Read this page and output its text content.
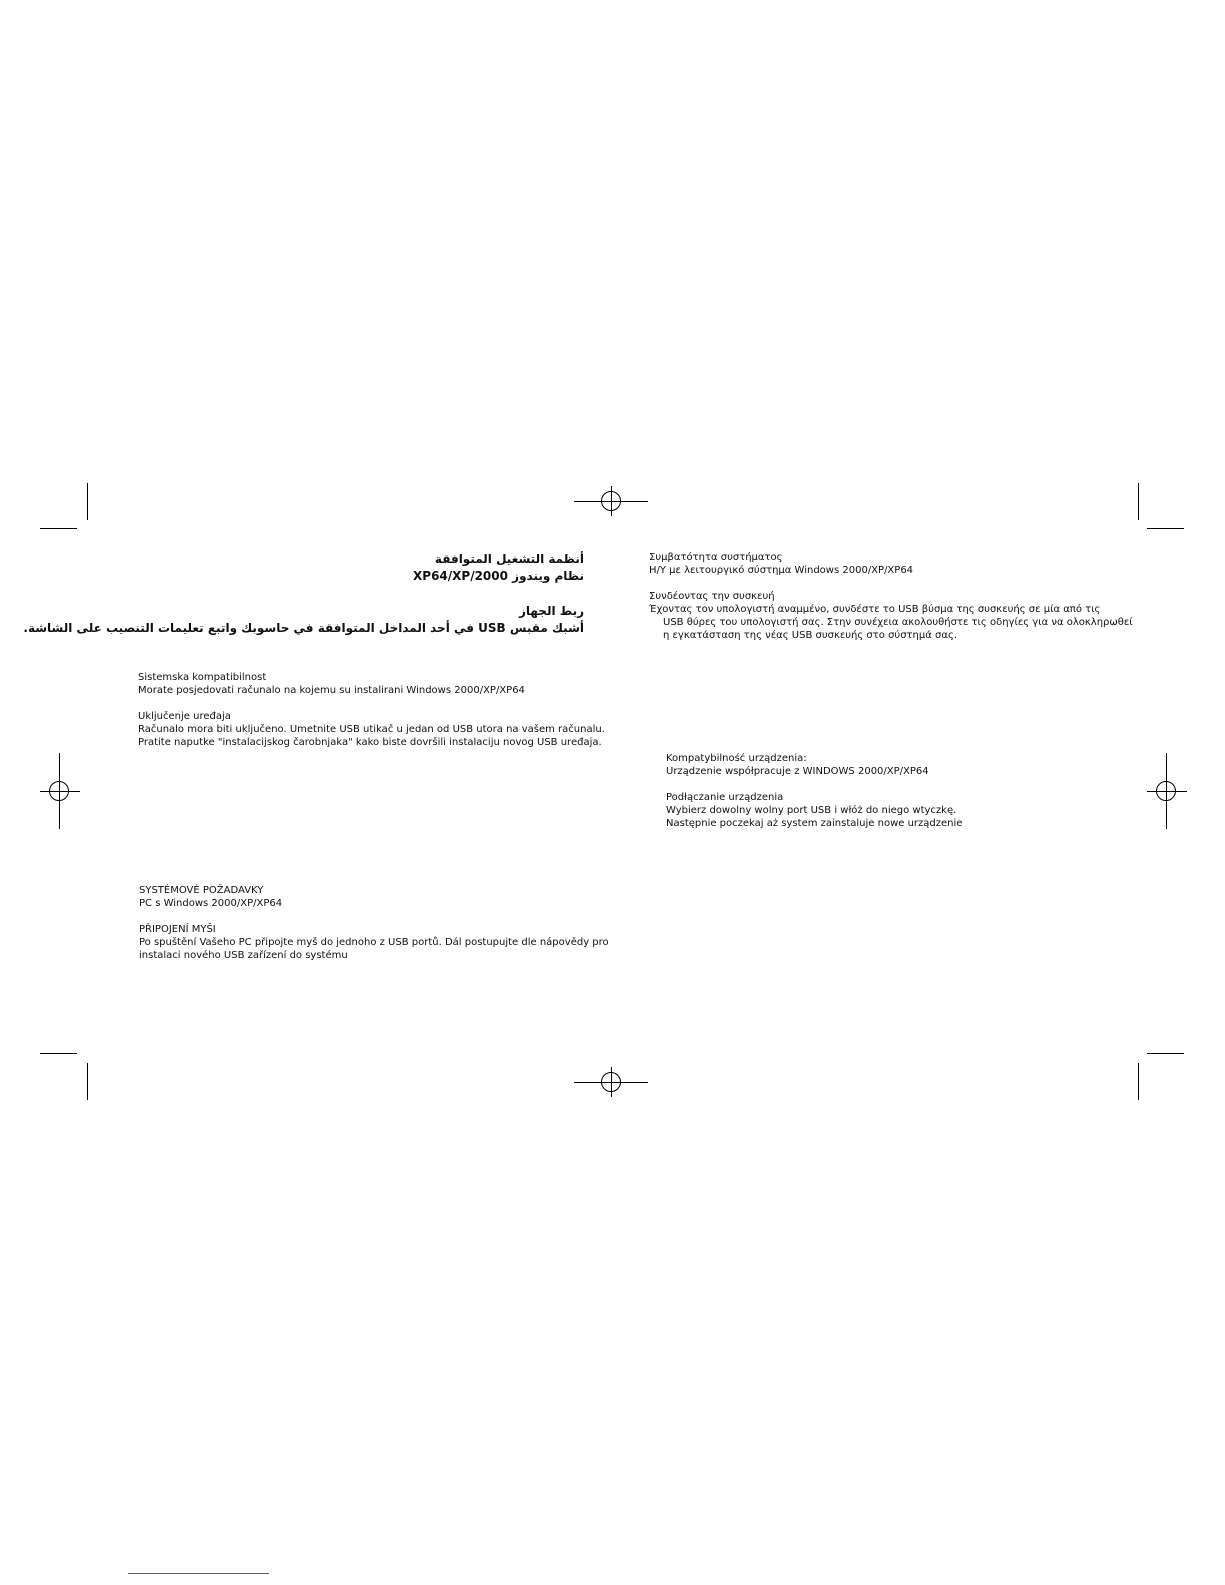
أنظمة التشغيل المتوافقة

نظام ويندوز XP64/XP/2000

ربط الجهاز

أشبك مقبس USB في أحد المداخل المتوافقة في حاسوبك واتبع تعليمات التنصيب على الشاشة.

Sistemska kompatibilnost

Morate posjedovati računalo na kojemu su instalirani Windows 2000/XP/XP64

Uključenje uređaja

Računalo mora biti uključeno. Umetnite USB utikač u jedan od USB utora na vašem računalu.

Pratite naputke "instalacijskog čarobnjaka" kako biste dovršili instalaciju novog USB uređaja.

SYSTÉMOVÉ POŽADAVKY

PC s Windows 2000/XP/XP64

PŘIPOJENÍ MYŠI

Po spuštění Vašeho PC připojte myš do jednoho z USB portů. Dál postupujte dle nápovědy pro

instalaci nového USB zařízení do systému

Συμβατότητα συστήματος

H/Y με λειτουργικό σύστημα Windows 2000/XP/XP64

Συνδέοντας την συσκευή

Έχοντας τον υπολογιστή αναμμένο, συνδέστε το USB βύσμα της συσκευής σε μία από τις

USB θύρες του υπολογιστή σας. Στην συνέχεια ακολουθήστε τις οδηγίες για να ολοκληρωθεί

η εγκατάσταση της νέας USB συσκευής στο σύστημά σας.

Kompatybilność urządzenia:

Urządzenie współpracuje z WINDOWS 2000/XP/XP64

Podłączanie urządzenia

Wybierz dowolny wolny port USB i włóż do niego wtyczkę.

Następnie poczekaj aż system zainstaluje nowe urządzenie
